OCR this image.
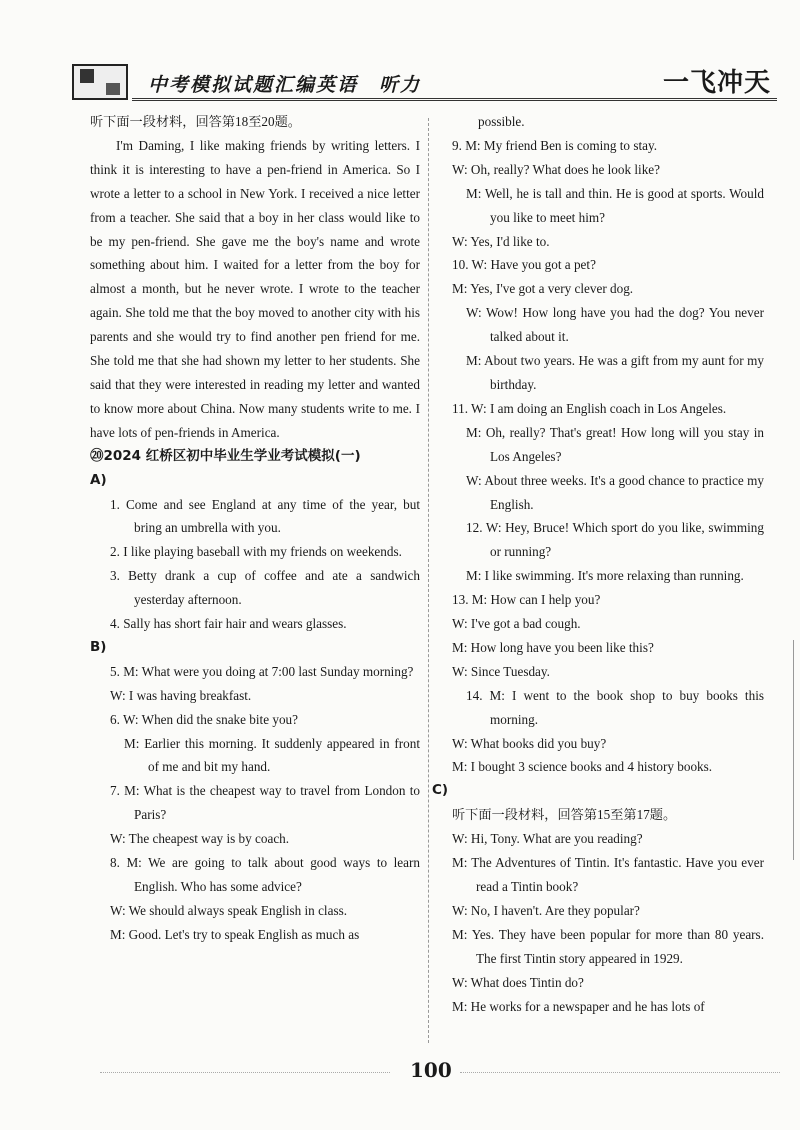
中考模拟试题汇编英语　听力	一飞冲天

听下面一段材料，回答第18至20题。

I'm Daming, I like making friends by writing letters. I think it is interesting to have a pen-friend in America. So I wrote a letter to a school in New York. I received a nice letter from a teacher. She said that a boy in her class would like to be my pen-friend. She gave me the boy's name and wrote something about him. I waited for a letter from the boy for almost a month, but he never wrote. I wrote to the teacher again. She told me that the boy moved to another city with his parents and she would try to find another pen friend for me. She told me that she had shown my letter to her students. She said that they were interested in reading my letter and wanted to know more about China. Now many students write to me. I have lots of pen-friends in America.

⑳2024 红桥区初中毕业生学业考试模拟(一)

A)

1. Come and see England at any time of the year, but bring an umbrella with you.

2. I like playing baseball with my friends on weekends.

3. Betty drank a cup of coffee and ate a sandwich yesterday afternoon.

4. Sally has short fair hair and wears glasses.

B)

5. M: What were you doing at 7:00 last Sunday morning?

W: I was having breakfast.

6. W: When did the snake bite you?

M: Earlier this morning. It suddenly appeared in front of me and bit my hand.

7. M: What is the cheapest way to travel from London to Paris?

W: The cheapest way is by coach.

8. M: We are going to talk about good ways to learn English. Who has some advice?

W: We should always speak English in class.

M: Good. Let's try to speak English as much as

possible.

9. M: My friend Ben is coming to stay.

W: Oh, really? What does he look like?

M: Well, he is tall and thin. He is good at sports. Would you like to meet him?

W: Yes, I'd like to.

10. W: Have you got a pet?

M: Yes, I've got a very clever dog.

W: Wow! How long have you had the dog? You never talked about it.

M: About two years. He was a gift from my aunt for my birthday.

11. W: I am doing an English coach in Los Angeles.

M: Oh, really? That's great! How long will you stay in Los Angeles?

W: About three weeks. It's a good chance to practice my English.

12. W: Hey, Bruce! Which sport do you like, swimming or running?

M: I like swimming. It's more relaxing than running.

13. M: How can I help you?

W: I've got a bad cough.

M: How long have you been like this?

W: Since Tuesday.

14. M: I went to the book shop to buy books this morning.

W: What books did you buy?

M: I bought 3 science books and 4 history books.

C)

听下面一段材料，回答第15至第17题。

W: Hi, Tony. What are you reading?

M: The Adventures of Tintin. It's fantastic. Have you ever read a Tintin book?

W: No, I haven't. Are they popular?

M: Yes. They have been popular for more than 80 years. The first Tintin story appeared in 1929.

W: What does Tintin do?

M: He works for a newspaper and he has lots of

100
